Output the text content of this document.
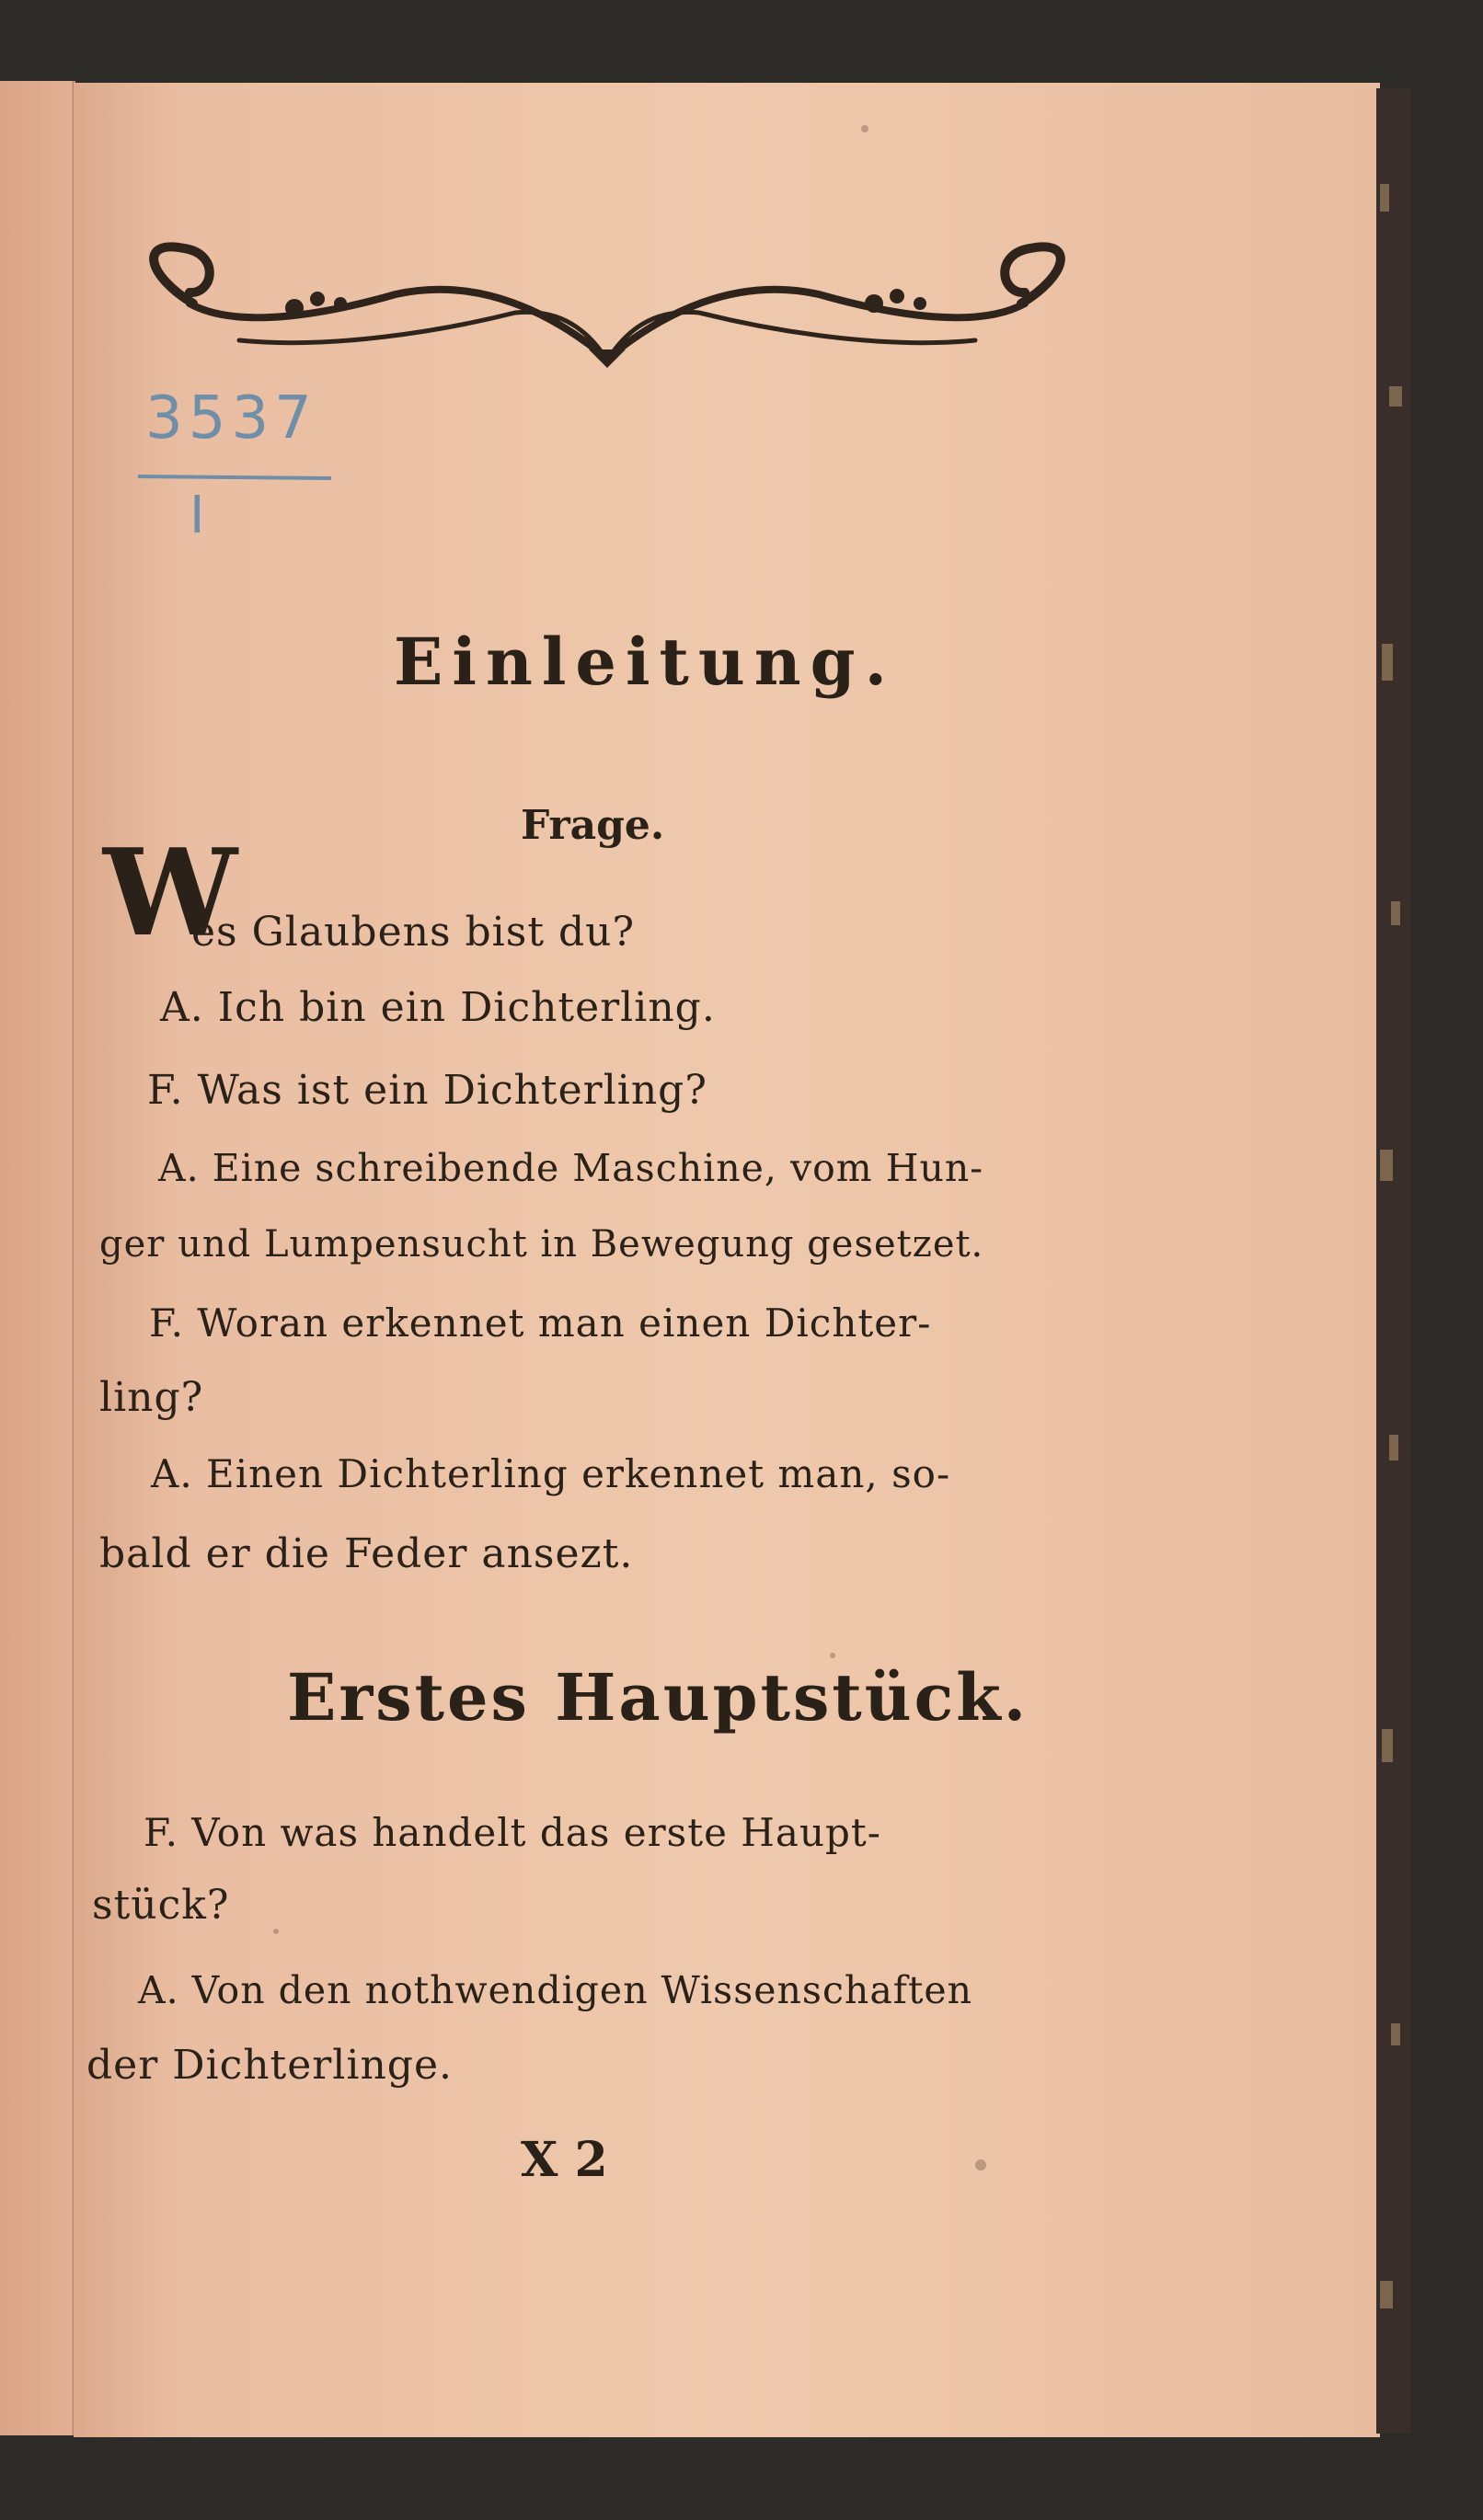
3537
I
Einleitung.
Frage.
W
es Glaubens bist du?
A. Ich bin ein Dichterling.
F. Was ist ein Dichterling?
A. Eine schreibende Maschine, vom Hun-
ger und Lumpensucht in Bewegung gesetzet.
F. Woran erkennet man einen Dichter-
ling?
A. Einen Dichterling erkennet man, so-
bald er die Feder ansezt.
Erstes Hauptstück.
F. Von was handelt das erste Haupt-
stück?
A. Von den nothwendigen Wissenschaften
der Dichterlinge.
X 2
